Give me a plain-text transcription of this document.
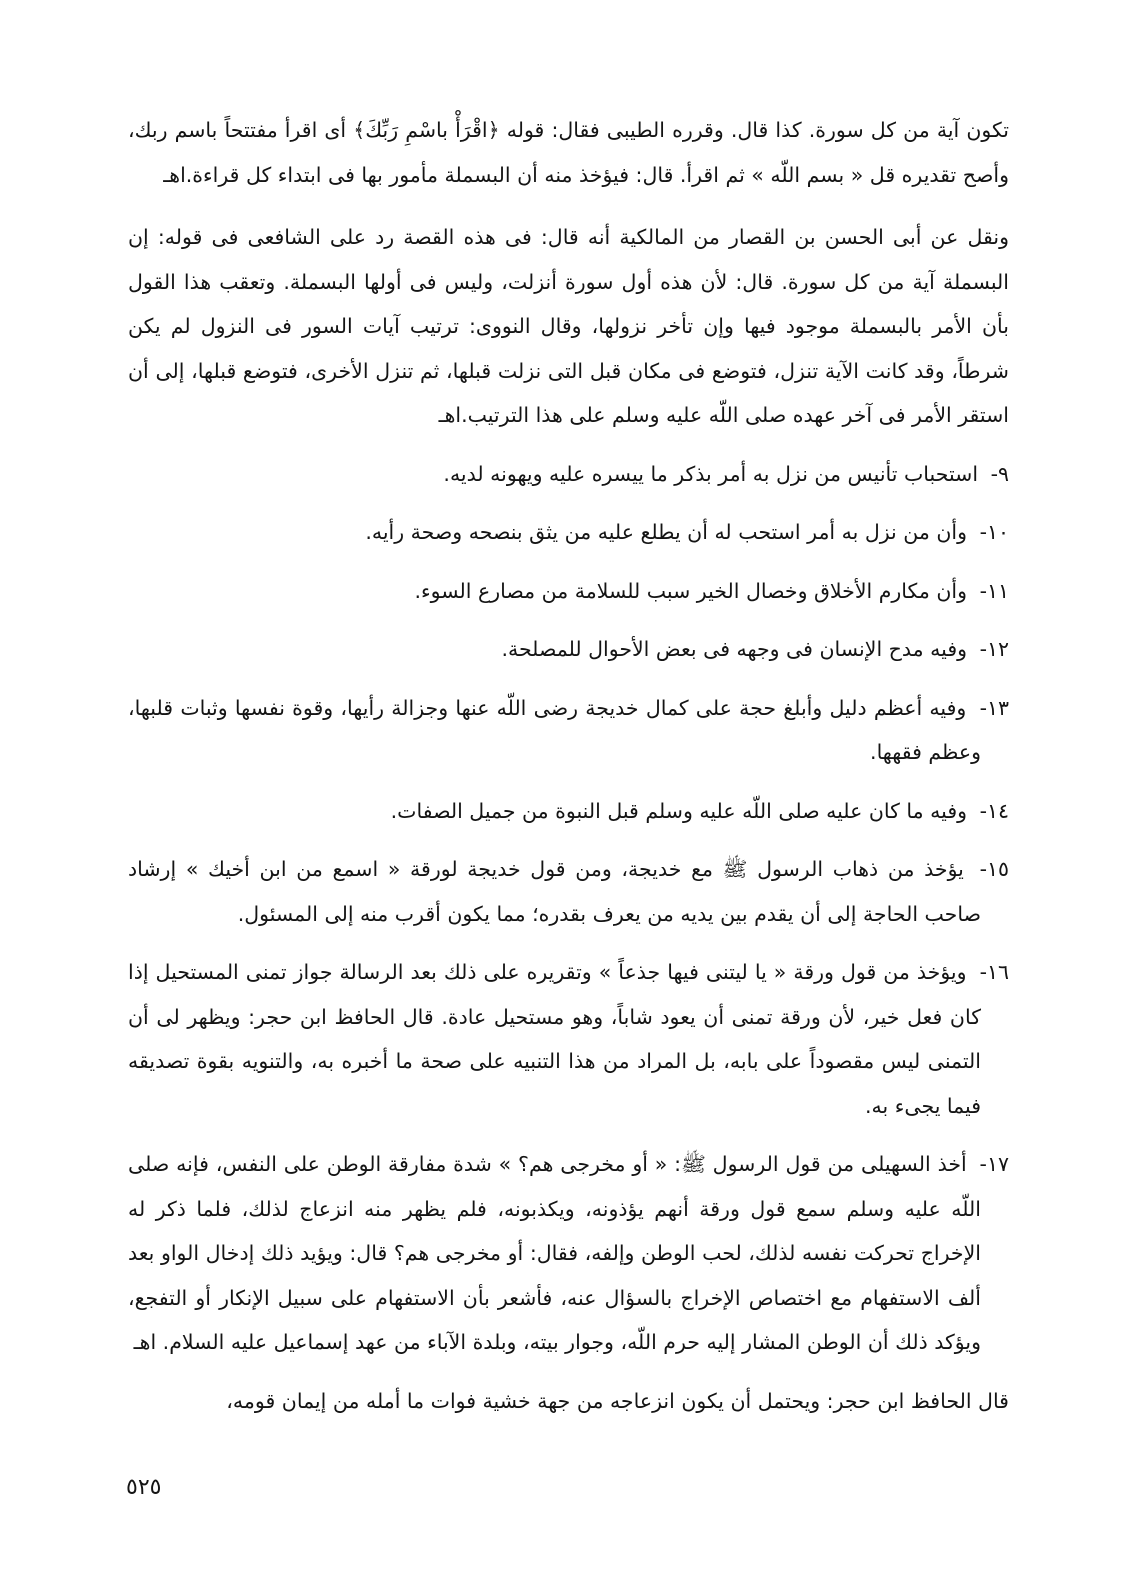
تكون آية من كل سورة. كذا قال. وقرره الطيبى فقال: قوله ﴿اقْرَأْ باسْمِ رَبِّكَ﴾ أى اقرأ مفتتحاً باسم ربك، وأصح تقديره قل « بسم اللّه » ثم اقرأ. قال: فيؤخذ منه أن البسملة مأمور بها فى ابتداء كل قراءة.اهـ

ونقل عن أبى الحسن بن القصار من المالكية أنه قال: فى هذه القصة رد على الشافعى فى قوله: إن البسملة آية من كل سورة. قال: لأن هذه أول سورة أنزلت، وليس فى أولها البسملة. وتعقب هذا القول بأن الأمر بالبسملة موجود فيها وإن تأخر نزولها، وقال النووى: ترتيب آيات السور فى النزول لم يكن شرطاً، وقد كانت الآية تنزل، فتوضع فى مكان قبل التى نزلت قبلها، ثم تنزل الأخرى، فتوضع قبلها، إلى أن استقر الأمر فى آخر عهده صلى اللّه عليه وسلم على هذا الترتيب.اهـ

٩- استحباب تأنيس من نزل به أمر بذكر ما ييسره عليه ويهونه لديه.

١٠- وأن من نزل به أمر استحب له أن يطلع عليه من يثق بنصحه وصحة رأيه.

١١- وأن مكارم الأخلاق وخصال الخير سبب للسلامة من مصارع السوء.

١٢- وفيه مدح الإنسان فى وجهه فى بعض الأحوال للمصلحة.

١٣- وفيه أعظم دليل وأبلغ حجة على كمال خديجة رضى اللّه عنها وجزالة رأيها، وقوة نفسها وثبات قلبها، وعظم فقهها.

١٤- وفيه ما كان عليه صلى اللّه عليه وسلم قبل النبوة من جميل الصفات.

١٥- يؤخذ من ذهاب الرسول ﷺ مع خديجة، ومن قول خديجة لورقة « اسمع من ابن أخيك » إرشاد صاحب الحاجة إلى أن يقدم بين يديه من يعرف بقدره؛ مما يكون أقرب منه إلى المسئول.

١٦- ويؤخذ من قول ورقة « يا ليتنى فيها جذعاً » وتقريره على ذلك بعد الرسالة جواز تمنى المستحيل إذا كان فعل خير، لأن ورقة تمنى أن يعود شاباً، وهو مستحيل عادة. قال الحافظ ابن حجر: ويظهر لى أن التمنى ليس مقصوداً على بابه، بل المراد من هذا التنبيه على صحة ما أخبره به، والتنويه بقوة تصديقه فيما يجىء به.

١٧- أخذ السهيلى من قول الرسول ﷺ: « أو مخرجى هم؟ » شدة مفارقة الوطن على النفس، فإنه صلى اللّه عليه وسلم سمع قول ورقة أنهم يؤذونه، ويكذبونه، فلم يظهر منه انزعاج لذلك، فلما ذكر له الإخراج تحركت نفسه لذلك، لحب الوطن وإلفه، فقال: أو مخرجى هم؟ قال: ويؤيد ذلك إدخال الواو بعد ألف الاستفهام مع اختصاص الإخراج بالسؤال عنه، فأشعر بأن الاستفهام على سبيل الإنكار أو التفجع، ويؤكد ذلك أن الوطن المشار إليه حرم اللّه، وجوار بيته، وبلدة الآباء من عهد إسماعيل عليه السلام. اهـ

قال الحافظ ابن حجر: ويحتمل أن يكون انزعاجه من جهة خشية فوات ما أمله من إيمان قومه،

٥٢٥
